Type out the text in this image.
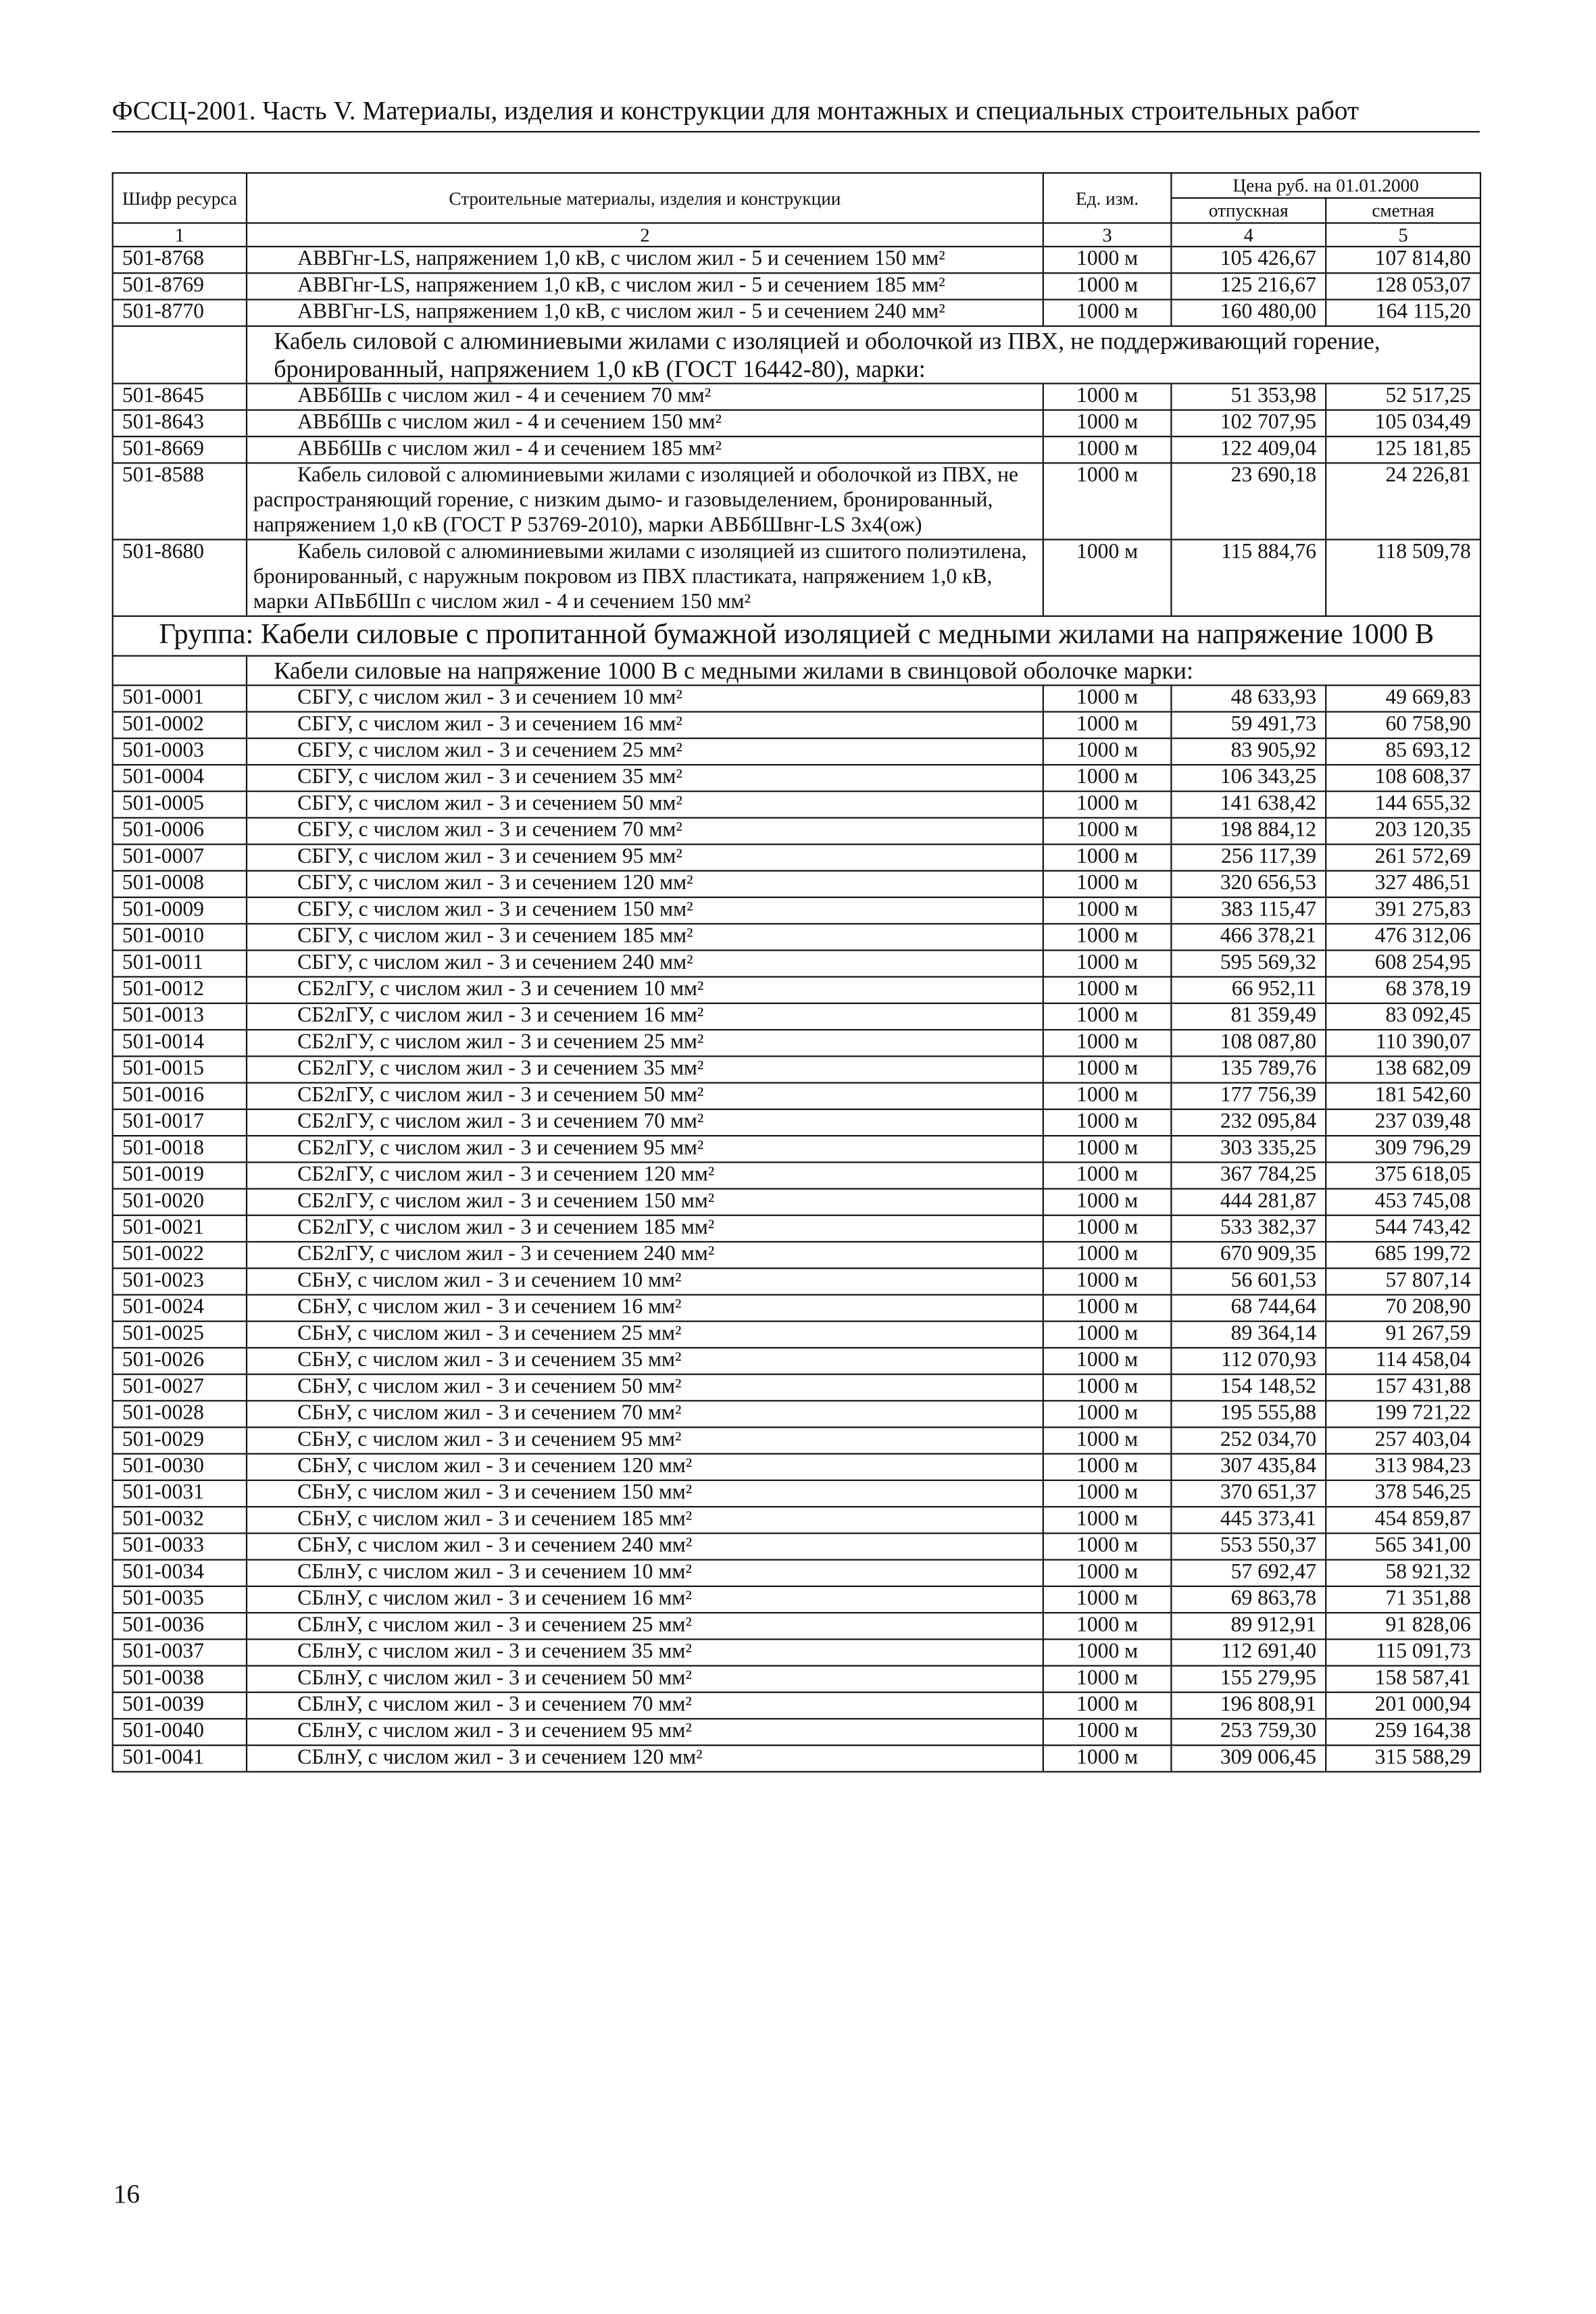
ФССЦ-2001. Часть V. Материалы, изделия и конструкции для монтажных и специальных строительных работ
Шифр ресурса	Строительные материалы, изделия и конструкции	Ед. изм.	Цена руб. на 01.01.2000	
			отпускная	сметная
1	2	3	4	5
501-8768	АВВГнг-LS, напряжением 1,0 кВ, с числом жил - 5 и сечением 150 мм²	1000 м	105 426,67	107 814,80
501-8769	АВВГнг-LS, напряжением 1,0 кВ, с числом жил - 5 и сечением 185 мм²	1000 м	125 216,67	128 053,07
501-8770	АВВГнг-LS, напряжением 1,0 кВ, с числом жил - 5 и сечением 240 мм²	1000 м	160 480,00	164 115,20
	Кабель силовой с алюминиевыми жилами с изоляцией и оболочкой из ПВХ, не поддерживающий горение, бронированный, напряжением 1,0 кВ (ГОСТ 16442-80), марки:			
501-8645	АВБбШв с числом жил - 4 и сечением 70 мм²	1000 м	51 353,98	52 517,25
501-8643	АВБбШв с числом жил - 4 и сечением 150 мм²	1000 м	102 707,95	105 034,49
501-8669	АВБбШв с числом жил - 4 и сечением 185 мм²	1000 м	122 409,04	125 181,85
501-8588	Кабель силовой с алюминиевыми жилами с изоляцией и оболочкой из ПВХ, не распространяющий горение, с низким дымо- и газовыделением, бронированный, напряжением 1,0 кВ (ГОСТ Р 53769-2010), марки АВБбШвнг-LS 3х4(ож)	1000 м	23 690,18	24 226,81
501-8680	Кабель силовой с алюминиевыми жилами с изоляцией из сшитого полиэтилена, бронированный, с наружным покровом из ПВХ пластиката, напряжением 1,0 кВ, марки АПвБбШп с числом жил - 4 и сечением 150 мм²	1000 м	115 884,76	118 509,78
Группа: Кабели силовые с пропитанной бумажной изоляцией с медными жилами на напряжение 1000 В				
	Кабели силовые на напряжение 1000 В с медными жилами в свинцовой оболочке марки:			
501-0001	СБГУ, с числом жил - 3 и сечением 10 мм²	1000 м	48 633,93	49 669,83
501-0002	СБГУ, с числом жил - 3 и сечением 16 мм²	1000 м	59 491,73	60 758,90
501-0003	СБГУ, с числом жил - 3 и сечением 25 мм²	1000 м	83 905,92	85 693,12
501-0004	СБГУ, с числом жил - 3 и сечением 35 мм²	1000 м	106 343,25	108 608,37
501-0005	СБГУ, с числом жил - 3 и сечением 50 мм²	1000 м	141 638,42	144 655,32
501-0006	СБГУ, с числом жил - 3 и сечением 70 мм²	1000 м	198 884,12	203 120,35
501-0007	СБГУ, с числом жил - 3 и сечением 95 мм²	1000 м	256 117,39	261 572,69
501-0008	СБГУ, с числом жил - 3 и сечением 120 мм²	1000 м	320 656,53	327 486,51
501-0009	СБГУ, с числом жил - 3 и сечением 150 мм²	1000 м	383 115,47	391 275,83
501-0010	СБГУ, с числом жил - 3 и сечением 185 мм²	1000 м	466 378,21	476 312,06
501-0011	СБГУ, с числом жил - 3 и сечением 240 мм²	1000 м	595 569,32	608 254,95
501-0012	СБ2лГУ, с числом жил - 3 и сечением 10 мм²	1000 м	66 952,11	68 378,19
501-0013	СБ2лГУ, с числом жил - 3 и сечением 16 мм²	1000 м	81 359,49	83 092,45
501-0014	СБ2лГУ, с числом жил - 3 и сечением 25 мм²	1000 м	108 087,80	110 390,07
501-0015	СБ2лГУ, с числом жил - 3 и сечением 35 мм²	1000 м	135 789,76	138 682,09
501-0016	СБ2лГУ, с числом жил - 3 и сечением 50 мм²	1000 м	177 756,39	181 542,60
501-0017	СБ2лГУ, с числом жил - 3 и сечением 70 мм²	1000 м	232 095,84	237 039,48
501-0018	СБ2лГУ, с числом жил - 3 и сечением 95 мм²	1000 м	303 335,25	309 796,29
501-0019	СБ2лГУ, с числом жил - 3 и сечением 120 мм²	1000 м	367 784,25	375 618,05
501-0020	СБ2лГУ, с числом жил - 3 и сечением 150 мм²	1000 м	444 281,87	453 745,08
501-0021	СБ2лГУ, с числом жил - 3 и сечением 185 мм²	1000 м	533 382,37	544 743,42
501-0022	СБ2лГУ, с числом жил - 3 и сечением 240 мм²	1000 м	670 909,35	685 199,72
501-0023	СБнУ, с числом жил - 3 и сечением 10 мм²	1000 м	56 601,53	57 807,14
501-0024	СБнУ, с числом жил - 3 и сечением 16 мм²	1000 м	68 744,64	70 208,90
501-0025	СБнУ, с числом жил - 3 и сечением 25 мм²	1000 м	89 364,14	91 267,59
501-0026	СБнУ, с числом жил - 3 и сечением 35 мм²	1000 м	112 070,93	114 458,04
501-0027	СБнУ, с числом жил - 3 и сечением 50 мм²	1000 м	154 148,52	157 431,88
501-0028	СБнУ, с числом жил - 3 и сечением 70 мм²	1000 м	195 555,88	199 721,22
501-0029	СБнУ, с числом жил - 3 и сечением 95 мм²	1000 м	252 034,70	257 403,04
501-0030	СБнУ, с числом жил - 3 и сечением 120 мм²	1000 м	307 435,84	313 984,23
501-0031	СБнУ, с числом жил - 3 и сечением 150 мм²	1000 м	370 651,37	378 546,25
501-0032	СБнУ, с числом жил - 3 и сечением 185 мм²	1000 м	445 373,41	454 859,87
501-0033	СБнУ, с числом жил - 3 и сечением 240 мм²	1000 м	553 550,37	565 341,00
501-0034	СБлнУ, с числом жил - 3 и сечением 10 мм²	1000 м	57 692,47	58 921,32
501-0035	СБлнУ, с числом жил - 3 и сечением 16 мм²	1000 м	69 863,78	71 351,88
501-0036	СБлнУ, с числом жил - 3 и сечением 25 мм²	1000 м	89 912,91	91 828,06
501-0037	СБлнУ, с числом жил - 3 и сечением 35 мм²	1000 м	112 691,40	115 091,73
501-0038	СБлнУ, с числом жил - 3 и сечением 50 мм²	1000 м	155 279,95	158 587,41
501-0039	СБлнУ, с числом жил - 3 и сечением 70 мм²	1000 м	196 808,91	201 000,94
501-0040	СБлнУ, с числом жил - 3 и сечением 95 мм²	1000 м	253 759,30	259 164,38
501-0041	СБлнУ, с числом жил - 3 и сечением 120 мм²	1000 м	309 006,45	315 588,29
16
